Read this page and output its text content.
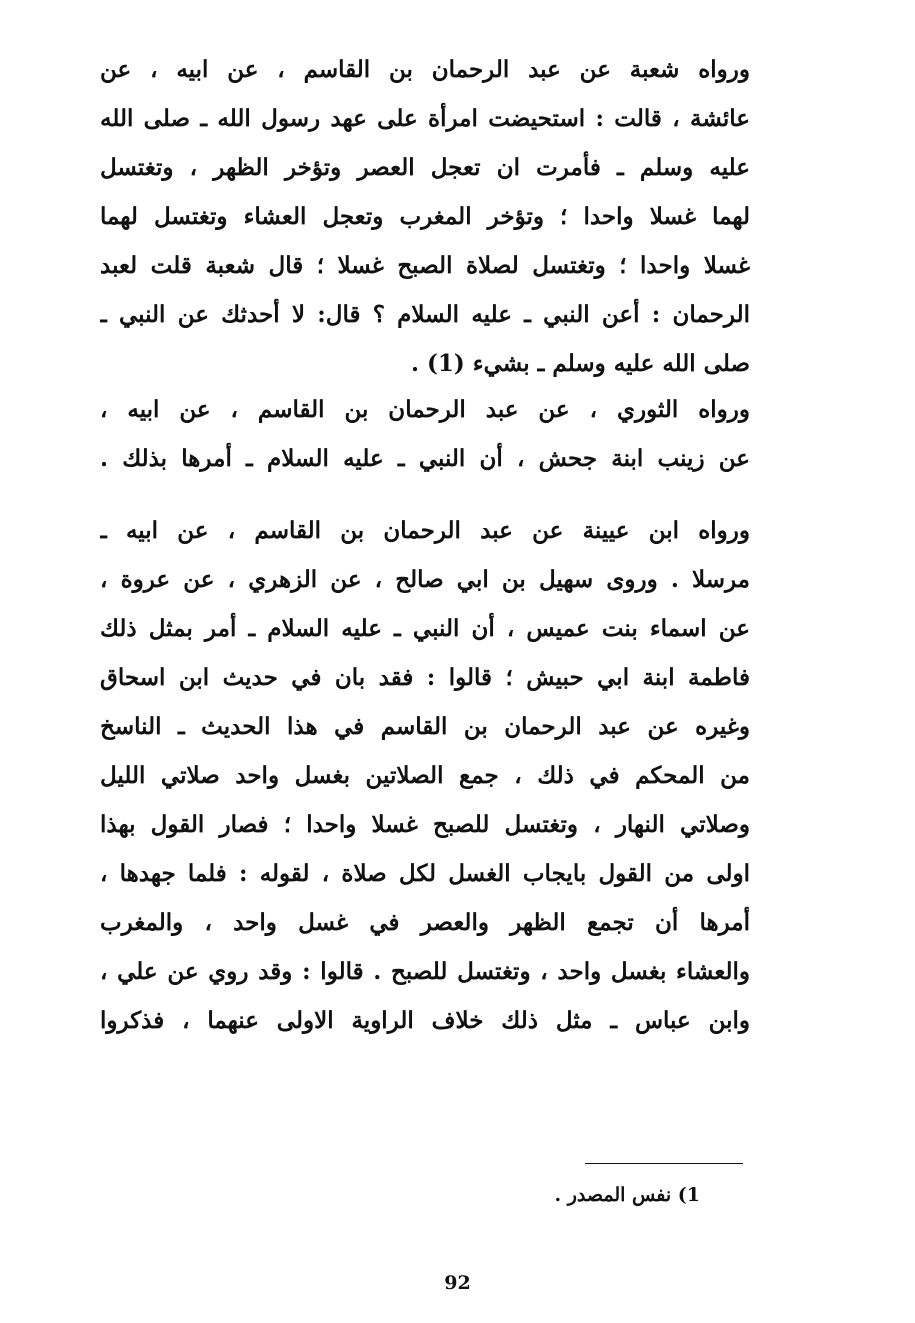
ورواه شعبة عن عبد الرحمان بن القاسم ، عن ابيه ، عن
عائشة ، قالت : استحيضت امرأة على عهد رسول الله ـ صلى الله
عليه وسلم ـ فأمرت ان تعجل العصر وتؤخر الظهر ، وتغتسل
لهما غسلا واحدا ؛ وتؤخر المغرب وتعجل العشاء وتغتسل لهما
غسلا واحدا ؛ وتغتسل لصلاة الصبح غسلا ؛ قال شعبة قلت لعبد
الرحمان : أعن النبي ـ عليه السلام ؟ قال: لا أحدثك عن النبي ـ
صلى الله عليه وسلم ـ بشيء (1) .
ورواه الثوري ، عن عبد الرحمان بن القاسم ، عن ابيه ،
عن زينب ابنة جحش ، أن النبي ـ عليه السلام ـ أمرها بذلك .
ورواه ابن عيينة عن عبد الرحمان بن القاسم ، عن ابيه ـ
مرسلا . وروى سهيل بن ابي صالح ، عن الزهري ، عن عروة ،
عن اسماء بنت عميس ، أن النبي ـ عليه السلام ـ أمر بمثل ذلك
فاطمة ابنة ابي حبيش ؛ قالوا : فقد بان في حديث ابن اسحاق
وغيره عن عبد الرحمان بن القاسم في هذا الحديث ـ الناسخ
من المحكم في ذلك ، جمع الصلاتين بغسل واحد صلاتي الليل
وصلاتي النهار ، وتغتسل للصبح غسلا واحدا ؛ فصار القول بهذا
اولى من القول بايجاب الغسل لكل صلاة ، لقوله : فلما جهدها ،
أمرها أن تجمع الظهر والعصر في غسل واحد ، والمغرب
والعشاء بغسل واحد ، وتغتسل للصبح . قالوا : وقد روي عن علي ،
وابن عباس ـ مثل ذلك خلاف الراوية الاولى عنهما ، فذكروا
1) نفس المصدر .
92
